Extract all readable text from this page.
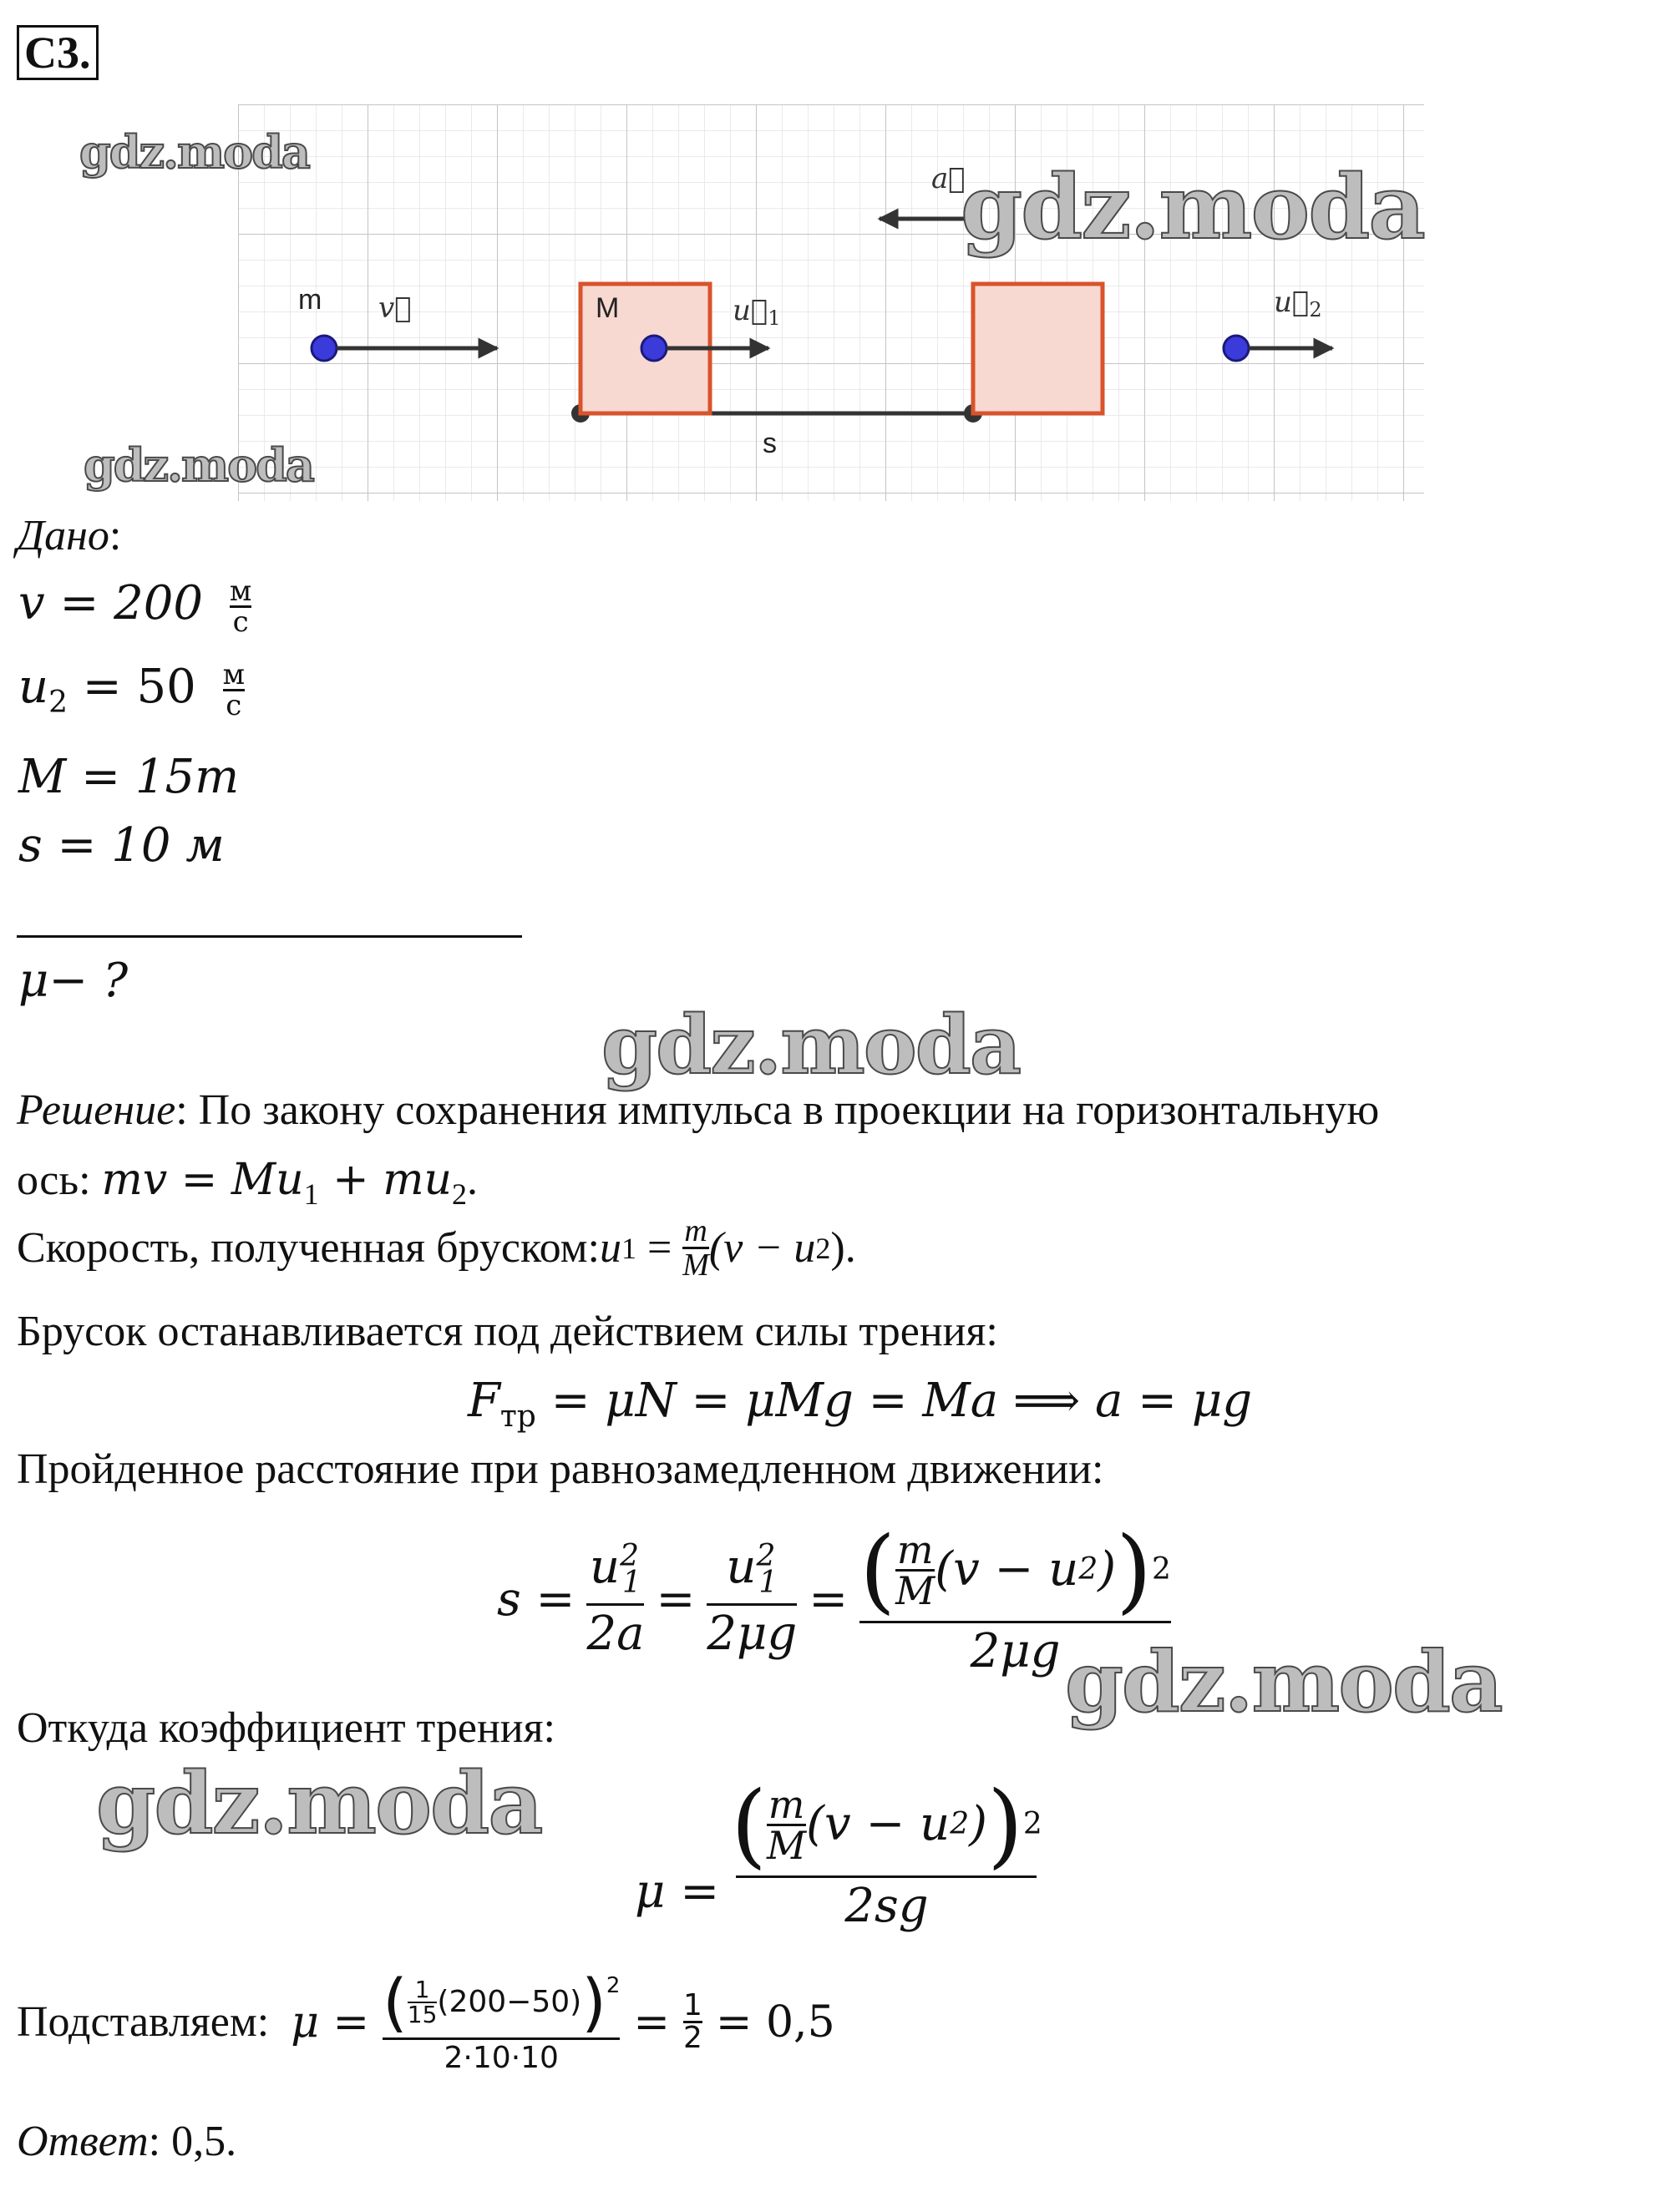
С3.
m	M
s
v⃗
a⃗
u⃗1	u⃗2
gdz.moda
gdz.moda
gdz.moda
gdz.moda
gdz.moda
gdz.moda
Дано:
v = 200 м
с
$u_2 = 50$ м
с
M = 15m
s = 10 м
μ− ?
Решение: По закону сохранения импульса в проекции на горизонтальную
ось: mv = $Mu_1 + mu_2$.
Скорость, полученная бруском: u 1 = m
M (v − u 2 ).
Брусок останавливается под действием силы трения:
$F_{тр} = \mu N = \mu Mg = Ma$ ⟹ a = μg
Пройденное расстояние при равнозамедленном движении:
s =
$u^2_1$
2a
=
$u^2_1$
2μg
= ( m
M (v − u 2 ) ) 2
2μg
Откуда коэффициент трения:
μ =
( m
M (v − u 2 ) ) 2
2sg
Подставляем: μ = ( 1
15 (200−50) ) 2
2·10·10
= 1
2 = 0,5
Ответ: 0,5.
